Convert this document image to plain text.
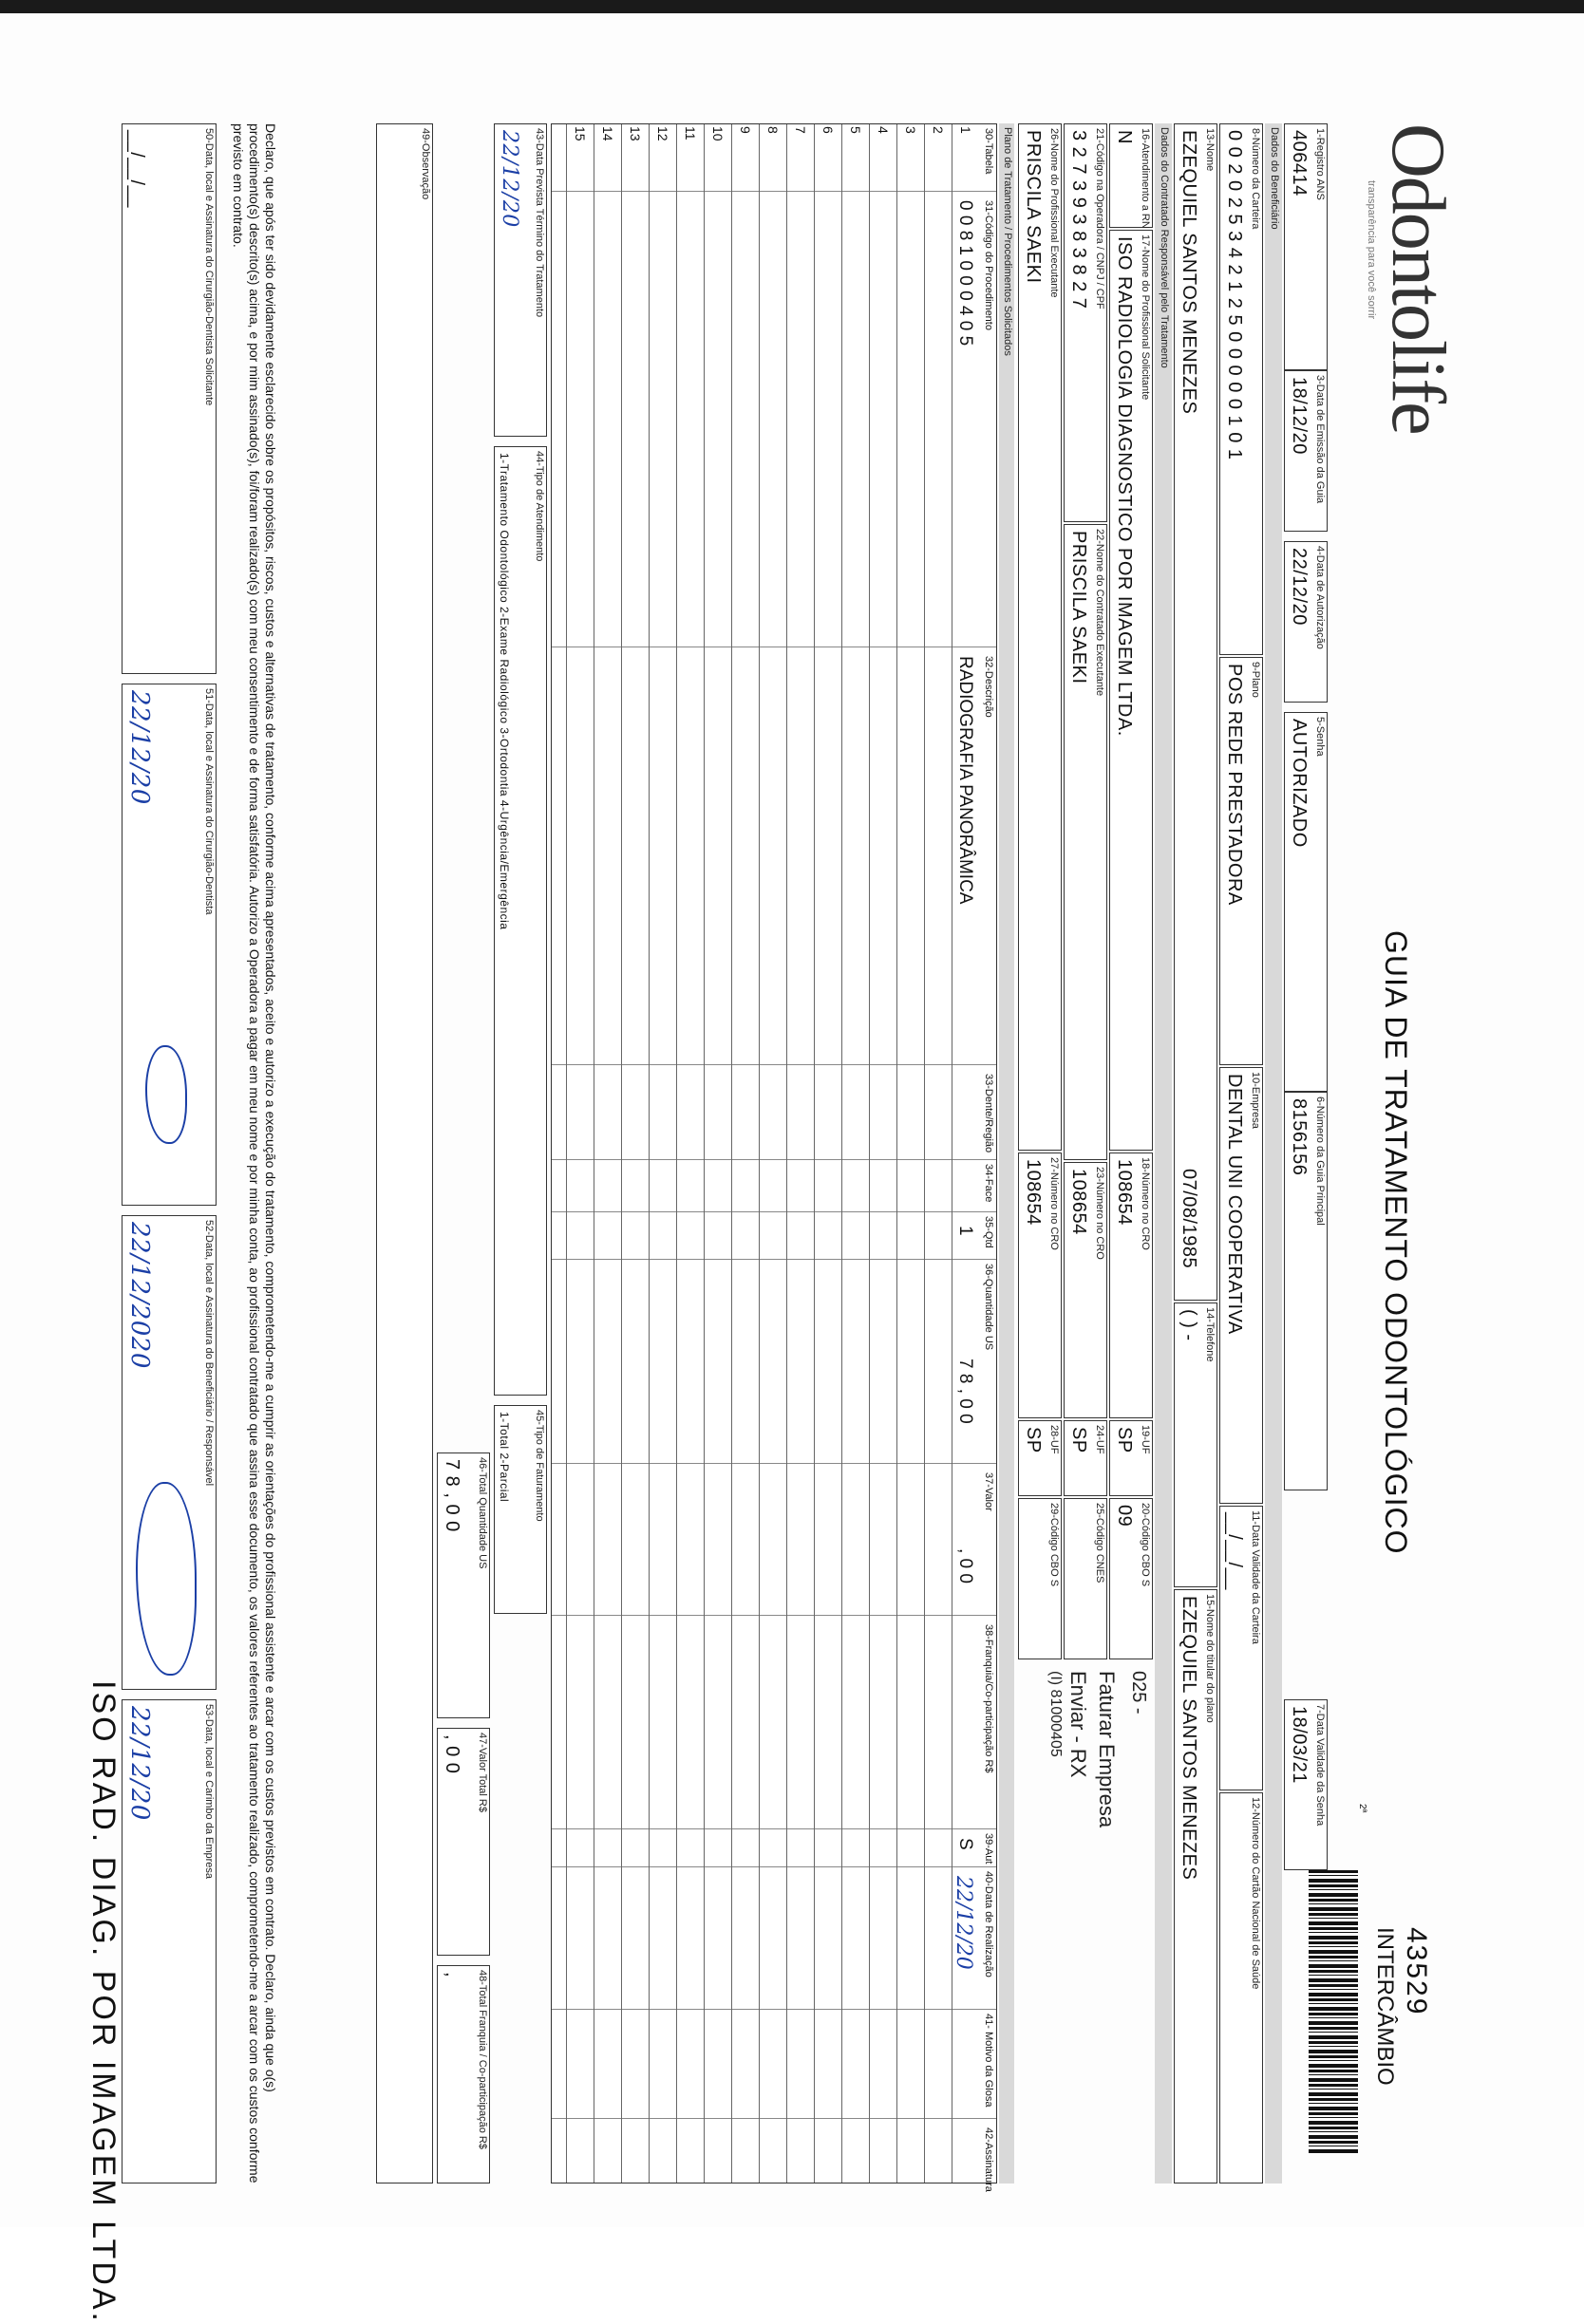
Odontolife
transparência para você sorrir
GUIA DE TRATAMENTO ODONTOLÓGICO
2ª
43529
INTERCÂMBIO
1-Registro ANS
406414
3-Data de Emissão da Guia
18/12/20
4-Data de Autorização
22/12/20
5-Senha
AUTORIZADO
6-Número da Guia Principal
8156156
7-Data Validade da Senha
18/03/21
Dados do Beneficiário
8-Número da Carteira
0 0 2 0 2 5 3 4 2 1 2 5 0 0 0 0 0 1 0 1
9-Plano
POS REDE PRESTADORA
10-Empresa
DENTAL UNI COOPERATIVA
11-Data Validade da Carteira
__/__/__
12-Número do Cartão Nacional de Saúde
13-Nome
EZEQUIEL SANTOS MENEZES
07/08/1985
14-Telefone
( ) -
15-Nome do titular do plano
EZEQUIEL SANTOS MENEZES
Dados do Contratado Responsável pelo Tratamento
16-Atendimento a RN
N
17-Nome do Profissional Solicitante
ISO RADIOLOGIA DIAGNOSTICO POR IMAGEM LTDA.
18-Número no CRO
108654
19-UF
SP
20-Código CBO S
09
025 -
Faturar Empresa
Enviar - RX
(I) 81000405
21-Código na Operadora / CNPJ / CPF
3 2 7 3 9 3 8 3 8 2 7
22-Nome do Contratado Executante
PRISCILA SAEKI
23-Número no CRO
108654
24-UF
SP
25-Código CNES
26-Nome do Profissional Executante
PRISCILA SAEKI
27-Número no CRO
108654
28-UF
SP
29-Código CBO S
Plano de Tratamento / Procedimentos Solicitados
30-Tabela
31-Código do Procedimento
32-Descrição
33-Dente/Região
34-Face
35-Qtd
36-Quantidade US
37-Valor
38-Franquia/Co-participação R$
39-Aut
40-Data de Realização
41- Motivo da Glosa
42-Assinatura
1
0 0 8 1 0 0 0 4 0 5
RADIOGRAFIA PANORÂMICA
1
7 8 , 0 0
, 0 0
S
22/12/20
2
3
4
5
6
7
8
9
10
11
12
13
14
15
43-Data Prevista Término do Tratamento
22/12/20
44-Tipo de Atendimento
1-Tratamento Odontológico 2-Exame Radiológico 3-Ortodontia 4-Urgência/Emergência
45-Tipo de Faturamento
1-Total 2-Parcial
46-Total Quantidade US
7 8 , 0 0
47-Valor Total R$
, 0 0
48-Total Franquia / Co-participação R$
,
49-Observação
Declaro, que após ter sido devidamente esclarecido sobre os propósitos, riscos, custos e alternativas de tratamento, conforme acima apresentados, aceito e autorizo a execução do tratamento, comprometendo-me a cumprir as orientações do profissional assistente e arcar com os custos previstos em contrato. Declaro, ainda que o(s) procedimento(s) descrito(s) acima, e por mim assinado(s), foi/foram realizado(s) com meu consentimento e de forma satisfatória. Autorizo a Operadora a pagar em meu nome e por minha conta, ao profissional contratado que assina esse documento, os valores referentes ao tratamento realizado, comprometendo-me a arcar com os custos conforme previsto em contrato.
50-Data, local e Assinatura do Cirurgião-Dentista Solicitante
__/__/__
51-Data, local e Assinatura do Cirurgião-Dentista
22/12/20
52-Data, local e Assinatura do Beneficiário / Responsável
22/12/2020
53-Data, local e Carimbo da Empresa
22/12/20
ISO RAD. DIAG. POR IMAGEM LTDA.
